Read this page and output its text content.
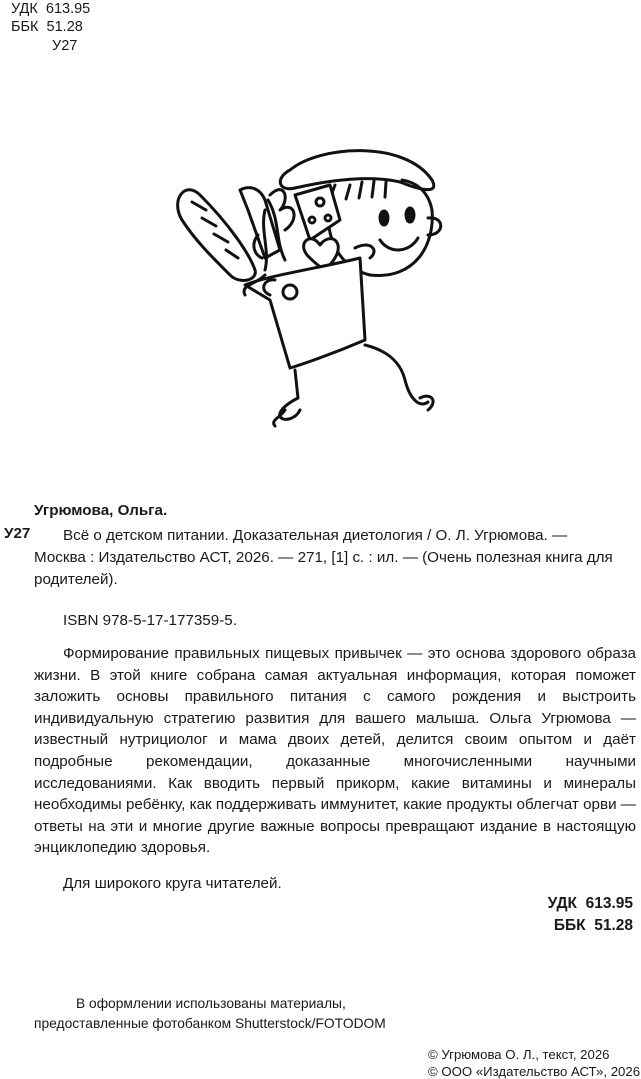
УДК  613.95
ББК  51.28
У27
Угрюмова, Ольга.
У27	Всё о детском питании. Доказательная диетология / О. Л. Угрюмова. —
Москва : Издательство АСТ, 2026. — 271, [1] с. : ил. — (Очень полезная книга для родителей).
ISBN 978-5-17-177359-5.
Формирование правильных пищевых привычек — это основа здорового образа жизни. В этой книге собрана самая актуальная информация, которая поможет заложить основы правильного питания с самого рождения и выстроить индивидуальную стратегию развития для вашего малыша. Ольга Угрюмова — известный нутрициолог и мама двоих детей, делится своим опытом и даёт подробные рекомендации, доказанные многочисленными научными исследованиями. Как вводить первый прикорм, какие витамины и минералы необходимы ребёнку, как поддерживать иммунитет, какие продукты облегчат орви — ответы на эти и многие другие важные вопросы превращают издание в настоящую энциклопедию здоровья.
Для широкого круга читателей.
УДК  613.95
ББК  51.28
В оформлении использованы материалы,
предоставленные фотобанком Shutterstock/FOTODOM
© Угрюмова О. Л., текст, 2026
© ООО «Издательство АСТ», 2026
